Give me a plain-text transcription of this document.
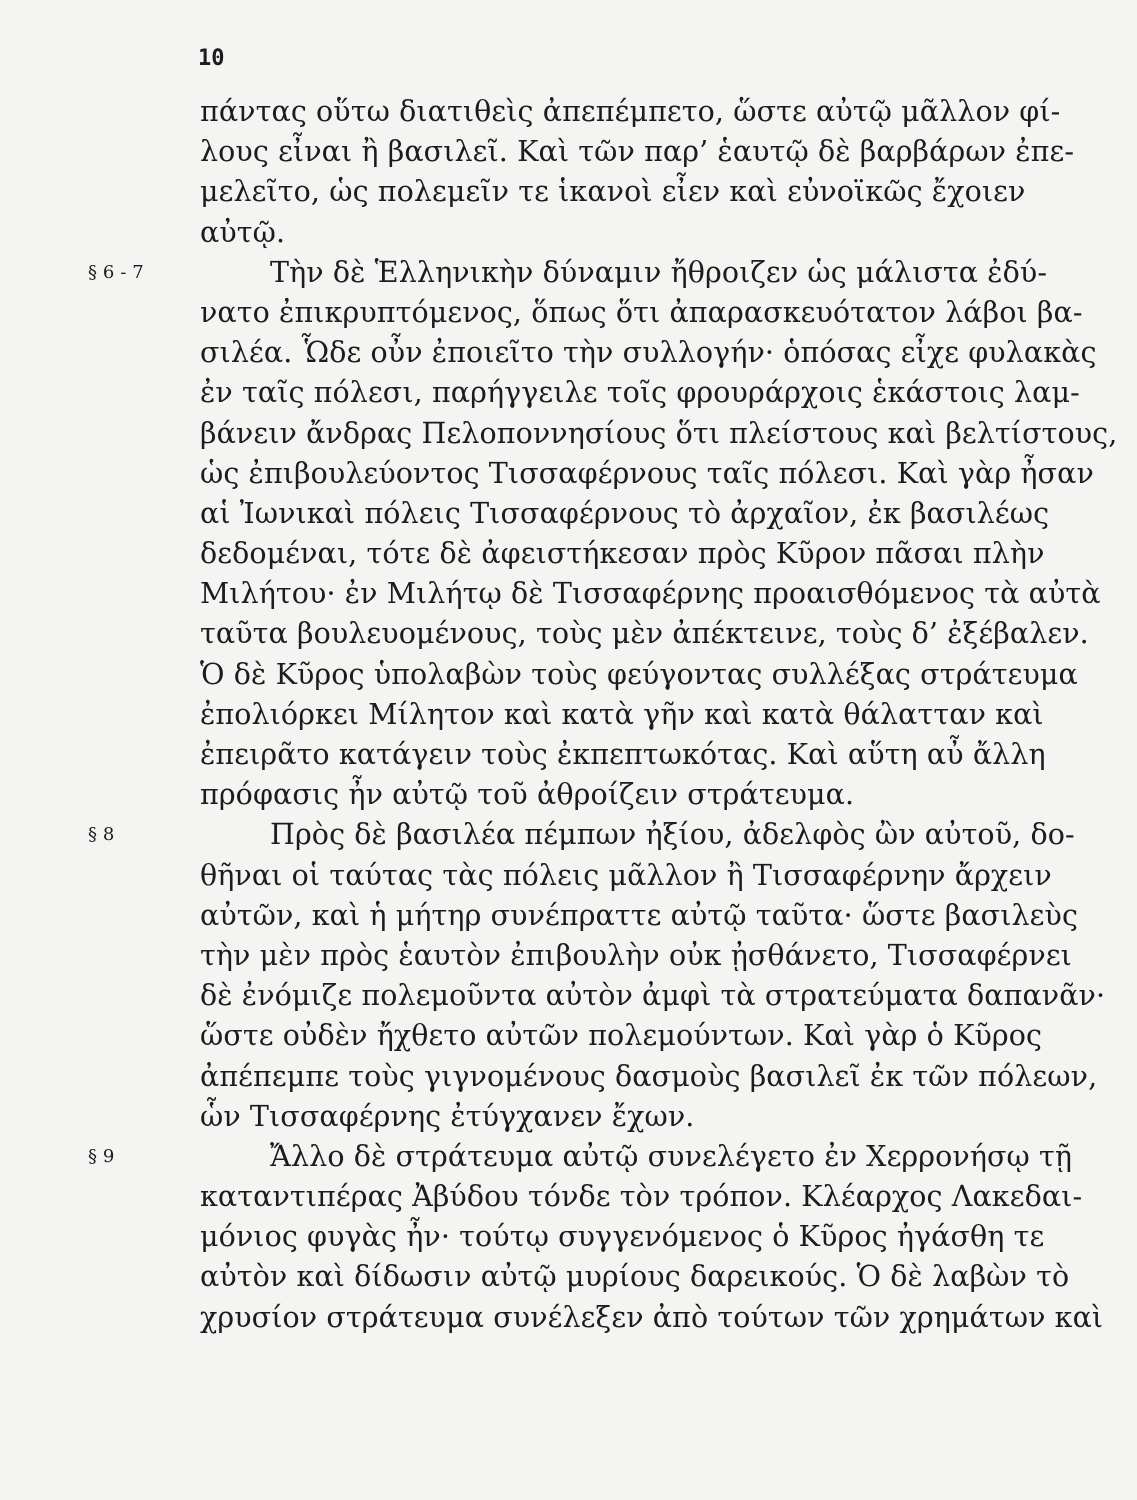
10
πάντας οὕτω διατιθεὶς ἀπεπέμπετο, ὥστε αὐτῷ μᾶλλον φί-
λους εἶναι ἢ βασιλεῖ. Καὶ τῶν παρ’ ἑαυτῷ δὲ βαρβάρων ἐπε-
μελεῖτο, ὡς πολεμεῖν τε ἱκανοὶ εἶεν καὶ εὐνοϊκῶς ἔχοιεν
αὐτῷ.
§ 6 - 7	Τὴν δὲ Ἑλληνικὴν δύναμιν ἤθροιζεν ὡς μάλιστα ἐδύ-
νατο ἐπικρυπτόμενος, ὅπως ὅτι ἀπαρασκευότατον λάβοι βα-
σιλέα. Ὧδε οὖν ἐποιεῖτο τὴν συλλογήν· ὁπόσας εἶχε φυλακὰς
ἐν ταῖς πόλεσι, παρήγγειλε τοῖς φρουράρχοις ἑκάστοις λαμ-
βάνειν ἄνδρας Πελοποννησίους ὅτι πλείστους καὶ βελτίστους,
ὡς ἐπιβουλεύοντος Τισσαφέρνους ταῖς πόλεσι. Καὶ γὰρ ἦσαν
αἱ Ἰωνικαὶ πόλεις Τισσαφέρνους τὸ ἀρχαῖον, ἐκ βασιλέως
δεδομέναι, τότε δὲ ἀφειστήκεσαν πρὸς Κῦρον πᾶσαι πλὴν
Μιλήτου· ἐν Μιλήτῳ δὲ Τισσαφέρνης προαισθόμενος τὰ αὐτὰ
ταῦτα βουλευομένους, τοὺς μὲν ἀπέκτεινε, τοὺς δ’ ἐξέβαλεν.
Ὁ δὲ Κῦρος ὑπολαβὼν τοὺς φεύγοντας συλλέξας στράτευμα
ἐπολιόρκει Μίλητον καὶ κατὰ γῆν καὶ κατὰ θάλατταν καὶ
ἐπειρᾶτο κατάγειν τοὺς ἐκπεπτωκότας. Καὶ αὕτη αὖ ἄλλη
πρόφασις ἦν αὐτῷ τοῦ ἀθροίζειν στράτευμα.
§ 8	Πρὸς δὲ βασιλέα πέμπων ἠξίου, ἀδελφὸς ὢν αὐτοῦ, δο-
θῆναι οἱ ταύτας τὰς πόλεις μᾶλλον ἢ Τισσαφέρνην ἄρχειν
αὐτῶν, καὶ ἡ μήτηρ συνέπραττε αὐτῷ ταῦτα· ὥστε βασιλεὺς
τὴν μὲν πρὸς ἑαυτὸν ἐπιβουλὴν οὐκ ᾐσθάνετο, Τισσαφέρνει
δὲ ἐνόμιζε πολεμοῦντα αὐτὸν ἀμφὶ τὰ στρατεύματα δαπανᾶν·
ὥστε οὐδὲν ἤχθετο αὐτῶν πολεμούντων. Καὶ γὰρ ὁ Κῦρος
ἀπέπεμπε τοὺς γιγνομένους δασμοὺς βασιλεῖ ἐκ τῶν πόλεων,
ὧν Τισσαφέρνης ἐτύγχανεν ἔχων.
§ 9	Ἄλλο δὲ στράτευμα αὐτῷ συνελέγετο ἐν Χερρονήσῳ τῇ
καταντιπέρας Ἀβύδου τόνδε τὸν τρόπον. Κλέαρχος Λακεδαι-
μόνιος φυγὰς ἦν· τούτῳ συγγενόμενος ὁ Κῦρος ἠγάσθη τε
αὐτὸν καὶ δίδωσιν αὐτῷ μυρίους δαρεικούς. Ὁ δὲ λαβὼν τὸ
χρυσίον στράτευμα συνέλεξεν ἀπὸ τούτων τῶν χρημάτων καὶ
